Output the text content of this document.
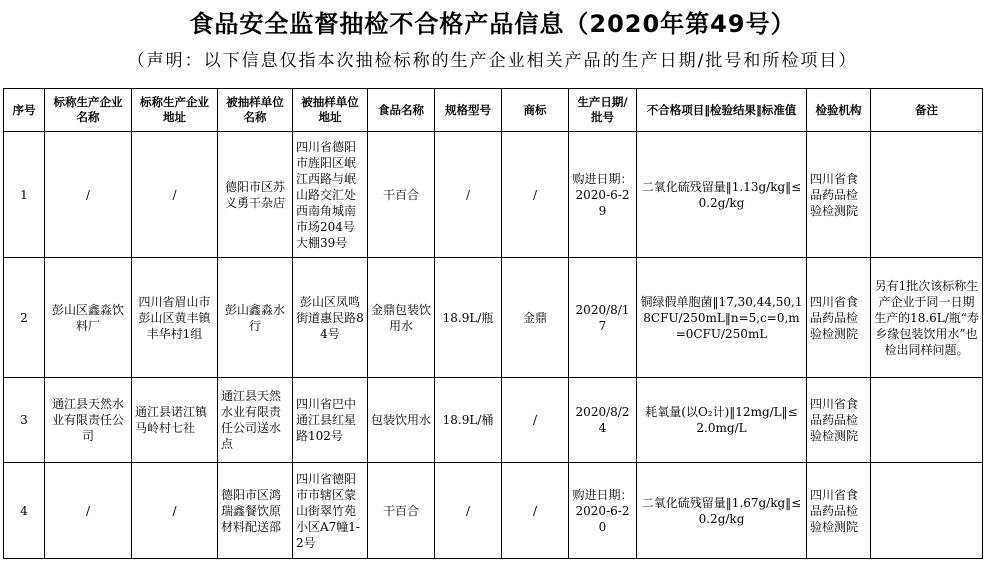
食品安全监督抽检不合格产品信息（2020年第49号）
（声明：以下信息仅指本次抽检标称的生产企业相关产品的生产日期/批号和所检项目）
序号	标称生产企业名称	标称生产企业地址	被抽样单位名称	被抽样单位地址	食品名称	规格型号	商标	生产日期/批号	不合格项目‖检验结果‖标准值	检验机构	备注
1	/	/	德阳市区苏义勇干杂店	四川省德阳市旌阳区岷江西路与岷山路交汇处西南角城南市场204号大棚39号	干百合	/	/	购进日期：2020-6-29	二氧化硫残留量‖1.13g/kg‖≤0.2g/kg	四川省食品药品检验检测院	
2	彭山区鑫淼饮料厂	四川省眉山市彭山区黄丰镇丰华村1组	彭山鑫淼水行	彭山区凤鸣街道惠民路84号	金鼎包装饮用水	18.9L/瓶	金鼎	2020/8/17	铜绿假单胞菌‖17,30,44,50,18CFU/250mL‖n=5,c=0,m=0CFU/250mL	四川省食品药品检验检测院	另有1批次该标称生产企业于同一日期生产的18.6L/瓶“寿乡缘包装饮用水”也检出同样问题。
3	通江县天然水业有限责任公司	通江县诺江镇马岭村七社	通江县天然水业有限责任公司送水点	四川省巴中通江县红星路102号	包装饮用水	18.9L/桶	/	2020/8/24	耗氧量(以O₂计)‖12mg/L‖≤2.0mg/L	四川省食品药品检验检测院	
4	/	/	德阳市区鸿瑞鑫餐饮原材料配送部	四川省德阳市市辖区蒙山街翠竹苑小区A7幢1-2号	干百合	/	/	购进日期：2020-6-20	二氧化硫残留量‖1.67g/kg‖≤0.2g/kg	四川省食品药品检验检测院	
